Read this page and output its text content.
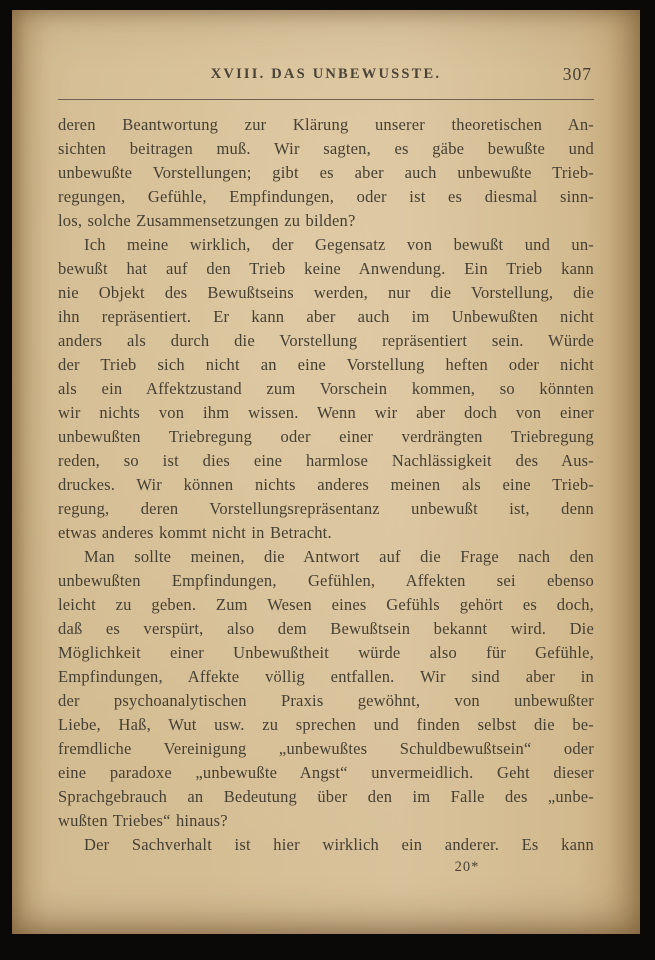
XVIII. DAS UNBEWUSSTE.	307
deren Beantwortung zur Klärung unserer theoretischen An-
sichten beitragen muß. Wir sagten, es gäbe bewußte und
unbewußte Vorstellungen; gibt es aber auch unbewußte Trieb-
regungen, Gefühle, Empfindungen, oder ist es diesmal sinn-
los, solche Zusammensetzungen zu bilden?
Ich meine wirklich, der Gegensatz von bewußt und un-
bewußt hat auf den Trieb keine Anwendung. Ein Trieb kann
nie Objekt des Bewußtseins werden, nur die Vorstellung, die
ihn repräsentiert. Er kann aber auch im Unbewußten nicht
anders als durch die Vorstellung repräsentiert sein. Würde
der Trieb sich nicht an eine Vorstellung heften oder nicht
als ein Affektzustand zum Vorschein kommen, so könnten
wir nichts von ihm wissen. Wenn wir aber doch von einer
unbewußten Triebregung oder einer verdrängten Triebregung
reden, so ist dies eine harmlose Nachlässigkeit des Aus-
druckes. Wir können nichts anderes meinen als eine Trieb-
regung, deren Vorstellungsrepräsentanz unbewußt ist, denn
etwas anderes kommt nicht in Betracht.
Man sollte meinen, die Antwort auf die Frage nach den
unbewußten Empfindungen, Gefühlen, Affekten sei ebenso
leicht zu geben. Zum Wesen eines Gefühls gehört es doch,
daß es verspürt, also dem Bewußtsein bekannt wird. Die
Möglichkeit einer Unbewußtheit würde also für Gefühle,
Empfindungen, Affekte völlig entfallen. Wir sind aber in
der psychoanalytischen Praxis gewöhnt, von unbewußter
Liebe, Haß, Wut usw. zu sprechen und finden selbst die be-
fremdliche Vereinigung „unbewußtes Schuldbewußtsein“ oder
eine paradoxe „unbewußte Angst“ unvermeidlich. Geht dieser
Sprachgebrauch an Bedeutung über den im Falle des „unbe-
wußten Triebes“ hinaus?
Der Sachverhalt ist hier wirklich ein anderer. Es kann
20*
